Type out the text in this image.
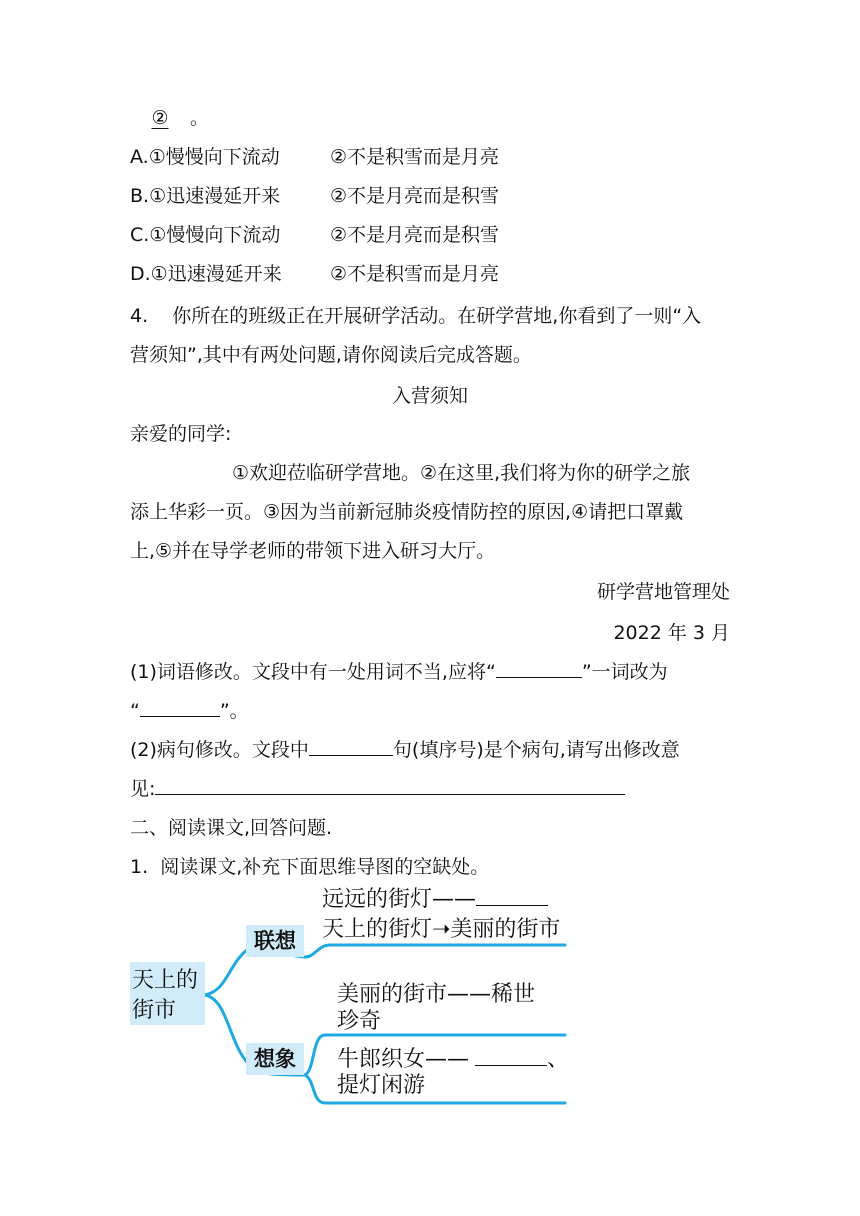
② 。
A.①慢慢向下流动	②不是积雪而是月亮
B.①迅速漫延开来	②不是月亮而是积雪
C.①慢慢向下流动	②不是月亮而是积雪
D.①迅速漫延开来	②不是积雪而是月亮
4.    你所在的班级正在开展研学活动。在研学营地,你看到了一则“入
营须知”,其中有两处问题,请你阅读后完成答题。
入营须知
亲爱的同学:
①欢迎莅临研学营地。②在这里,我们将为你的研学之旅
添上华彩一页。③因为当前新冠肺炎疫情防控的原因,④请把口罩戴
上,⑤并在导学老师的带领下进入研习大厅。
研学营地管理处
2022 年 3 月
(1)词语修改。文段中有一处用词不当,应将“	”一词改为
“	”。
(2)病句修改。文段中	句(填序号)是个病句,请写出修改意
见:
二、阅读课文,回答问题.
1.  阅读课文,补充下面思维导图的空缺处。
天上的
街市
联想
想象
远远的街灯——
天上的街灯➝美丽的街市
美丽的街市——稀世
珍奇
牛郎织女——	、
提灯闲游
